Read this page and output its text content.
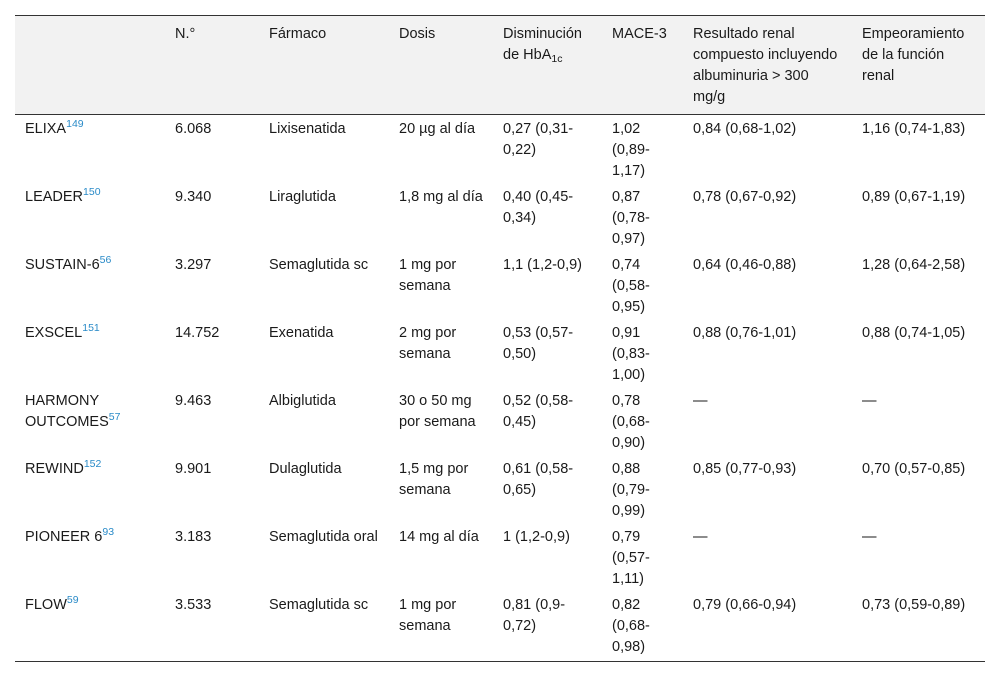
	N.°	Fármaco	Dosis	Disminución de HbA$_{1c}$	MACE-3	Resultado renal compuesto incluyendo albuminuria > 300 mg/g	Empeoramiento de la función renal
ELIXA$^{149}$	6.068	Lixisenatida	20 µg al día	0,27 (0,31-0,22)	1,02 (0,89-1,17)	0,84 (0,68-1,02)	1,16 (0,74-1,83)
LEADER$^{150}$	9.340	Liraglutida	1,8 mg al día	0,40 (0,45-0,34)	0,87 (0,78-0,97)	0,78 (0,67-0,92)	0,89 (0,67-1,19)
SUSTAIN-6$^{56}$	3.297	Semaglutida sc	1 mg por semana	1,1 (1,2-0,9)	0,74 (0,58-0,95)	0,64 (0,46-0,88)	1,28 (0,64-2,58)
EXSCEL$^{151}$	14.752	Exenatida	2 mg por semana	0,53 (0,57-0,50)	0,91 (0,83-1,00)	0,88 (0,76-1,01)	0,88 (0,74-1,05)
HARMONY OUTCOMES$^{57}$	9.463	Albiglutida	30 o 50 mg por semana	0,52 (0,58-0,45)	0,78 (0,68-0,90)	—	—
REWIND$^{152}$	9.901	Dulaglutida	1,5 mg por semana	0,61 (0,58-0,65)	0,88 (0,79-0,99)	0,85 (0,77-0,93)	0,70 (0,57-0,85)
PIONEER 6$^{93}$	3.183	Semaglutida oral	14 mg al día	1 (1,2-0,9)	0,79 (0,57-1,11)	—	—
FLOW$^{59}$	3.533	Semaglutida sc	1 mg por semana	0,81 (0,9-0,72)	0,82 (0,68-0,98)	0,79 (0,66-0,94)	0,73 (0,59-0,89)
